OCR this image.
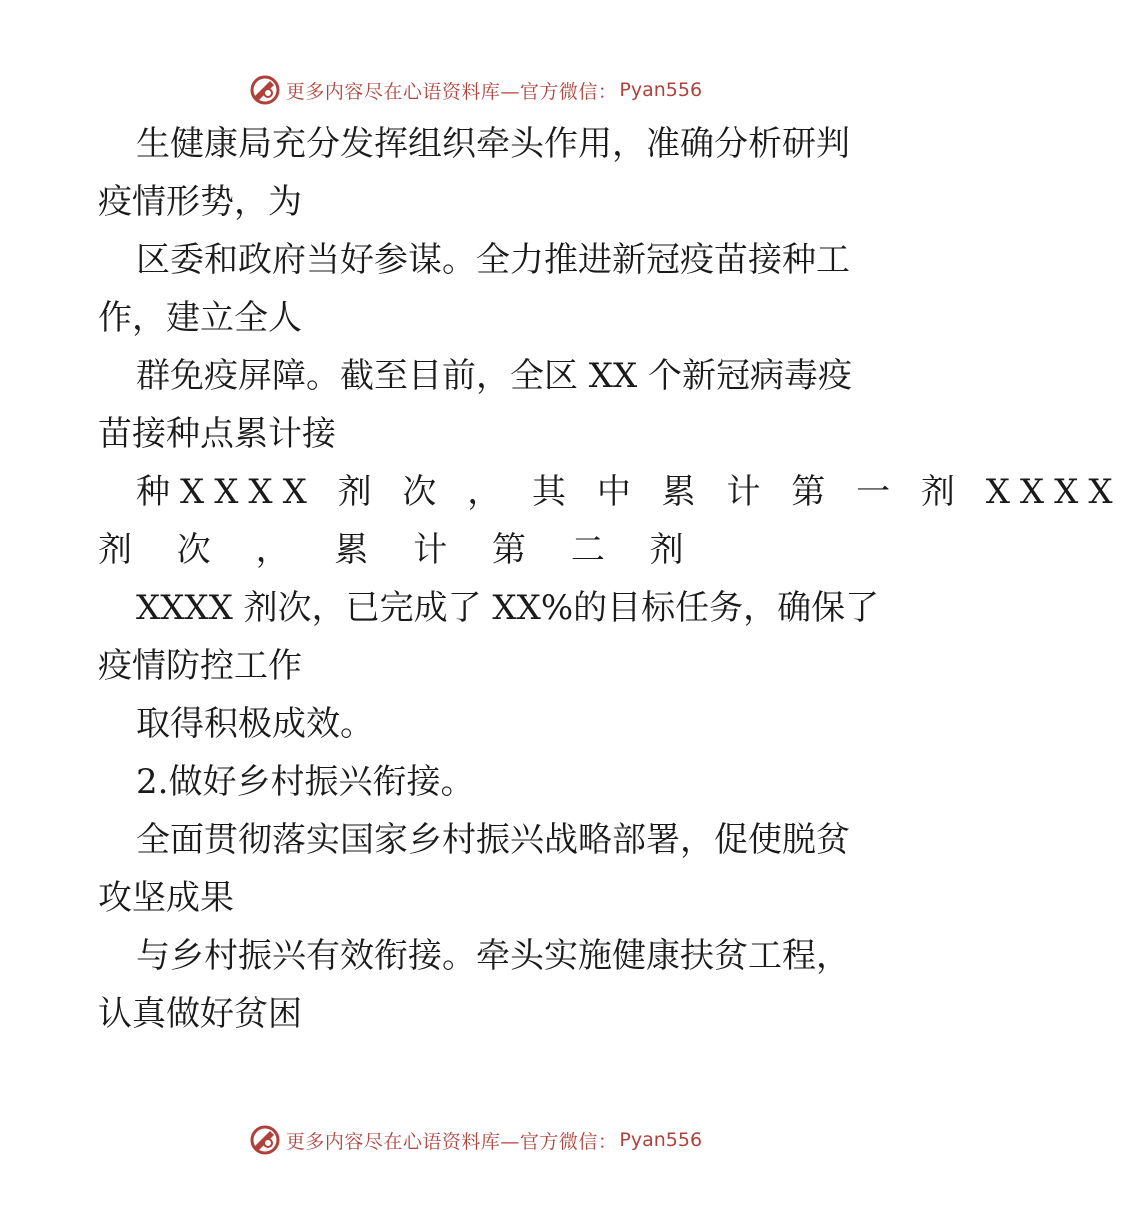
更多内容尽在心语资料库—官方微信： Pyan556
生健康局充分发挥组织牵头作用，准确分析研判
疫情形势，为
区委和政府当好参谋。全力推进新冠疫苗接种工
作，建立全人
群免疫屏障。截至目前，全区 XX 个新冠病毒疫
苗接种点累计接
种XXXX 剂 次 ， 其 中 累 计 第 一 剂 XXXX
剂 次 ， 累 计 第 二 剂
XXXX 剂次，已完成了 XX%的目标任务，确保了
疫情防控工作
取得积极成效。
2.做好乡村振兴衔接。
全面贯彻落实国家乡村振兴战略部署，促使脱贫
攻坚成果
与乡村振兴有效衔接。牵头实施健康扶贫工程，
认真做好贫困
更多内容尽在心语资料库—官方微信： Pyan556
